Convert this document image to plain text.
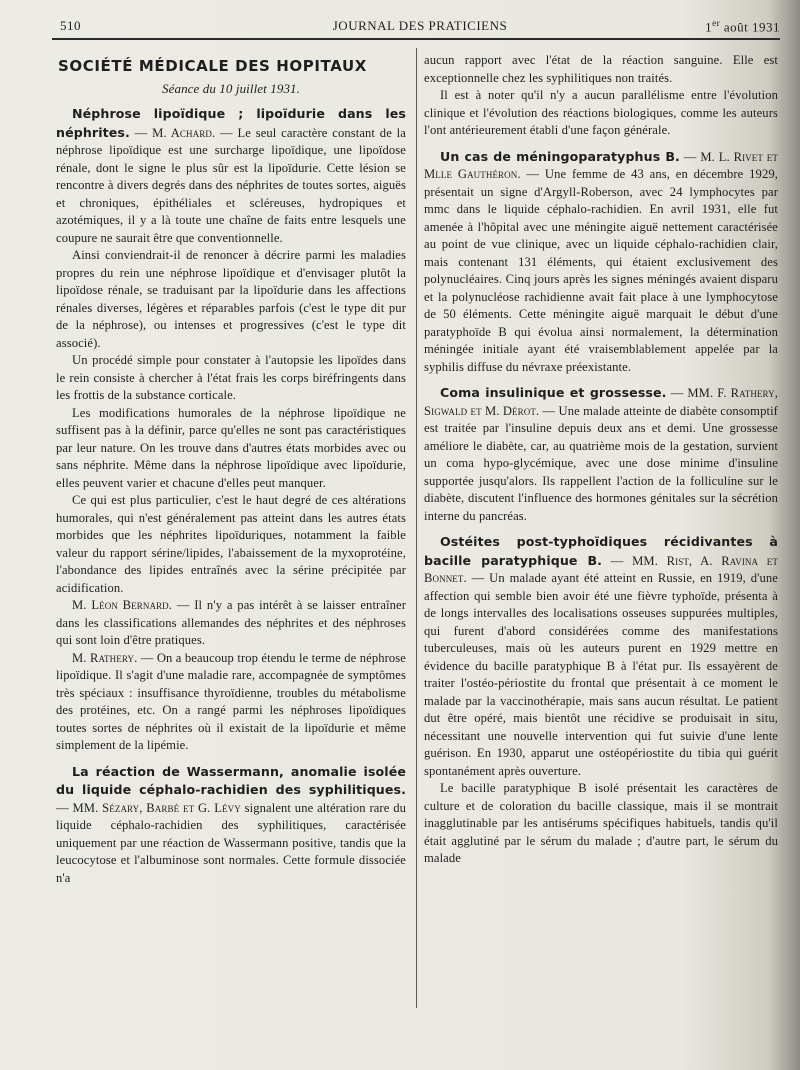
510	JOURNAL DES PRATICIENS	1er août 1931
SOCIÉTÉ MÉDICALE DES HOPITAUX
Séance du 10 juillet 1931.

Néphrose lipoïdique ; lipoïdurie dans les néphrites. — M. Achard. — Le seul caractère constant de la néphrose lipoïdique est une surcharge lipoïdique, une lipoïdose rénale, dont le signe le plus sûr est la lipoïdurie. Cette lésion se rencontre à divers degrés dans des néphrites de toutes sortes, aiguës et chroniques, épithéliales et scléreuses, hydropiques et azotémiques, il y a là toute une chaîne de faits entre lesquels une coupure ne saurait être que conventionnelle.

Ainsi conviendrait-il de renoncer à décrire parmi les maladies propres du rein une néphrose lipoïdique et d'envisager plutôt la lipoïdose rénale, se traduisant par la lipoïdurie dans les affections rénales diverses, légères et réparables parfois (c'est le type dit pur de la néphrose), ou intenses et progressives (c'est le type dit associé).

Un procédé simple pour constater à l'autopsie les lipoïdes dans le rein consiste à chercher à l'état frais les corps biréfringents dans les frottis de la substance corticale.

Les modifications humorales de la néphrose lipoïdique ne suffisent pas à la définir, parce qu'elles ne sont pas caractéristiques par leur nature. On les trouve dans d'autres états morbides avec ou sans néphrite. Même dans la néphrose lipoïdique avec lipoïdurie, elles peuvent varier et chacune d'elles peut manquer.

Ce qui est plus particulier, c'est le haut degré de ces altérations humorales, qui n'est généralement pas atteint dans les autres états morbides que les néphrites lipoïduriques, notamment la faible valeur du rapport sérine/lipides, l'abaissement de la myxoprotéine, l'abondance des lipides entraînés avec la sérine précipitée par acidification.

M. Léon Bernard. — Il n'y a pas intérêt à se laisser entraîner dans les classifications allemandes des néphrites et des néphroses qui sont loin d'être pratiques.

M. Rathery. — On a beaucoup trop étendu le terme de néphrose lipoïdique. Il s'agit d'une maladie rare, accompagnée de symptômes très spéciaux : insuffisance thyroïdienne, troubles du métabolisme des protéines, etc. On a rangé parmi les néphroses lipoïdiques toutes sortes de néphrites où il existait de la lipoïdurie et même simplement de la lipémie.

La réaction de Wassermann, anomalie isolée du liquide céphalo-rachidien des syphilitiques. — MM. Sézary, Barbé et G. Lévy signalent une altération rare du liquide céphalo-rachidien des syphilitiques, caractérisée uniquement par une réaction de Wassermann positive, tandis que la leucocytose et l'albuminose sont normales. Cette formule dissociée n'a

aucun rapport avec l'état de la réaction sanguine. Elle est exceptionnelle chez les syphilitiques non traités.

Il est à noter qu'il n'y a aucun parallélisme entre l'évolution clinique et l'évolution des réactions biologiques, comme les auteurs l'ont antérieurement établi d'une façon générale.

Un cas de méningoparatyphus B. — M. L. Rivet et Mlle Gauthéron. — Une femme de 43 ans, en décembre 1929, présentait un signe d'Argyll-Roberson, avec 24 lymphocytes par mmc dans le liquide céphalo-rachidien. En avril 1931, elle fut amenée à l'hôpital avec une méningite aiguë nettement caractérisée au point de vue clinique, avec un liquide céphalo-rachidien clair, mais contenant 131 éléments, qui étaient exclusivement des polynucléaires. Cinq jours après les signes méningés avaient disparu et la polynucléose rachidienne avait fait place à une lymphocytose de 50 éléments. Cette méningite aiguë marquait le début d'une paratyphoïde B qui évolua ainsi normalement, la détermination méningée initiale ayant été vraisemblablement appelée par la syphilis diffuse du névraxe préexistante.

Coma insulinique et grossesse. — MM. F. Rathery, Sigwald et M. Dérot. — Une malade atteinte de diabète consomptif est traitée par l'insuline depuis deux ans et demi. Une grossesse améliore le diabète, car, au quatrième mois de la gestation, survient un coma hypo-glycémique, avec une dose minime d'insuline supportée jusqu'alors. Ils rappellent l'action de la folliculine sur le diabète, discutent l'influence des hormones génitales sur la sécrétion interne du pancréas.

Ostéites post-typhoïdiques récidivantes à bacille paratyphique B. — MM. Rist, A. Ravina et Bonnet. — Un malade ayant été atteint en Russie, en 1919, d'une affection qui semble bien avoir été une fièvre typhoïde, présenta à de longs intervalles des localisations osseuses suppurées multiples, qui furent d'abord considérées comme des manifestations tuberculeuses, mais où les auteurs purent en 1929 mettre en évidence du bacille paratyphique B à l'état pur. Ils essayèrent de traiter l'ostéo-périostite du frontal que présentait à ce moment le malade par la vaccinothérapie, mais sans aucun résultat. Le patient dut être opéré, mais bientôt une récidive se produisait in situ, nécessitant une nouvelle intervention qui fut suivie d'une lente guérison. En 1930, apparut une ostéopériostite du tibia qui guérit spontanément après ouverture.

Le bacille paratyphique B isolé présentait les caractères de culture et de coloration du bacille classique, mais il se montrait inagglutinable par les antisérums spécifiques habituels, tandis qu'il était agglutiné par le sérum du malade ; d'autre part, le sérum du malade
